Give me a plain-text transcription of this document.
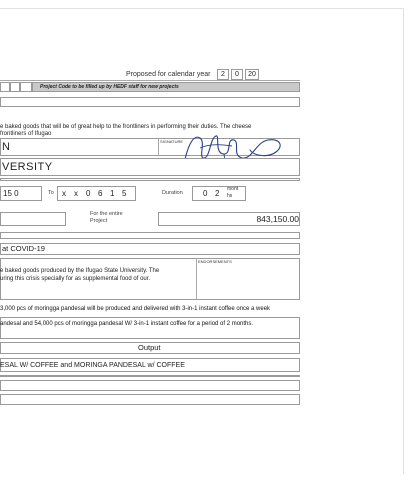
Proposed for calendar year	2	0	20
Project Code to be filled up by HEDF staff for new projects
e baked goods that will be of great help to the frontliners in performing their duties. The cheese
frontliners of Ifugao
SIGNATURE
N
VERSITY
15 0	To x x 0 6 1 5	Duration	0 2 mont
hs
For the entire
Project	843,150.00
at COVID-19
ENDORSEMENTS
e baked goods produced by the Ifugao State University. The
uring this crisis specially for as supplemental food of our.
3,000 pcs of moringga pandesal will be produced and delivered with 3-in-1 instant coffee once a week
andesal and 54,000 pcs of moringga pandesal W/ 3-in-1 instant coffee for a period of 2 months.
Output
ESAL W/ COFFEE and MORINGA PANDESAL w/ COFFEE
